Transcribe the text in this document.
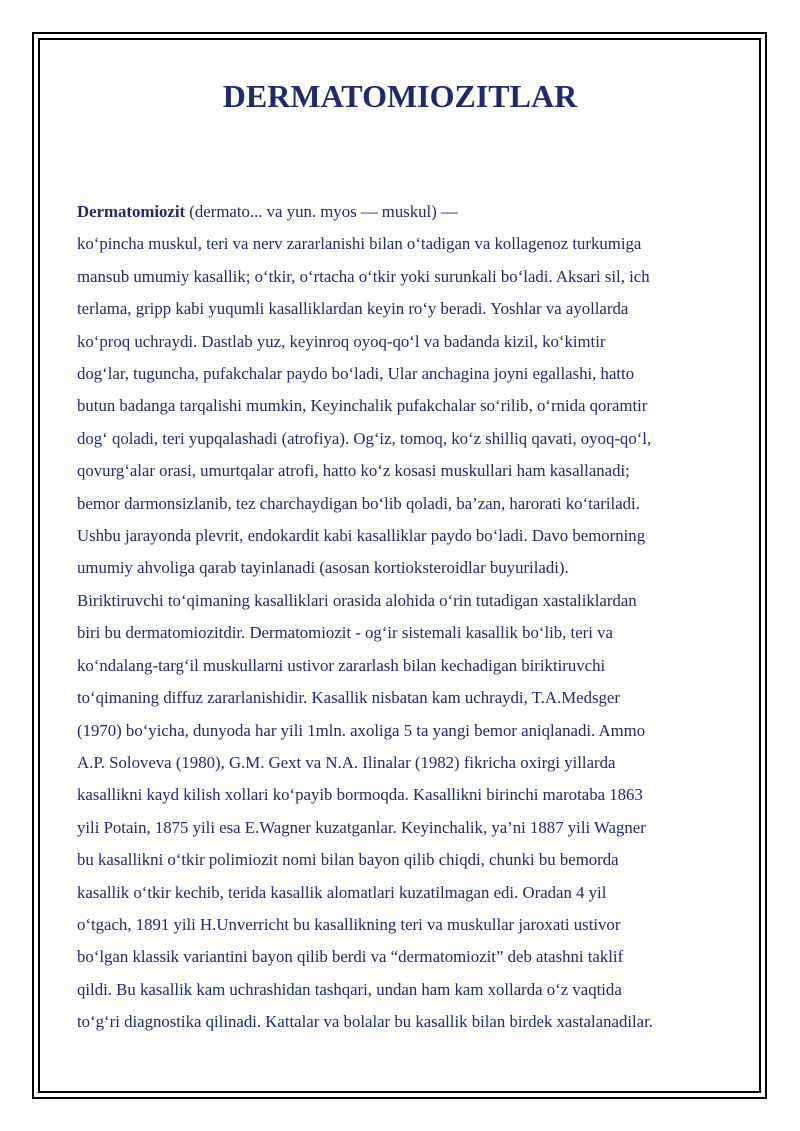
DERMATOMIOZITLAR

Dermatomiozit (dermato... va yun. myos — muskul) —
ko‘pincha muskul, teri va nerv zararlanishi bilan o‘tadigan va kollagenoz turkumiga
mansub umumiy kasallik; o‘tkir, o‘rtacha o‘tkir yoki surunkali bo‘ladi. Aksari sil, ich
terlama, gripp kabi yuqumli kasalliklardan keyin ro‘y beradi. Yoshlar va ayollarda
ko‘proq uchraydi. Dastlab yuz, keyinroq oyoq-qo‘l va badanda kizil, ko‘kimtir
dog‘lar, tuguncha, pufakchalar paydo bo‘ladi, Ular anchagina joyni egallashi, hatto
butun badanga tarqalishi mumkin, Keyinchalik pufakchalar so‘rilib, o‘rnida qoramtir
dog‘ qoladi, teri yupqalashadi (atrofiya). Og‘iz, tomoq, ko‘z shilliq qavati, oyoq-qo‘l,
qovurg‘alar orasi, umurtqalar atrofi, hatto ko‘z kosasi muskullari ham kasallanadi;
bemor darmonsizlanib, tez charchaydigan bo‘lib qoladi, ba’zan, harorati ko‘tariladi.
Ushbu jarayonda plevrit, endokardit kabi kasalliklar paydo bo‘ladi. Davo bemorning
umumiy ahvoliga qarab tayinlanadi (asosan kortioksteroidlar buyuriladi).
Biriktiruvchi to‘qimaning kasalliklari orasida alohida o‘rin tutadigan xastaliklardan
biri bu dermatomiozitdir. Dermatomiozit - og‘ir sistemali kasallik bo‘lib, teri va
ko‘ndalang-targ‘il muskullarni ustivor zararlash bilan kechadigan biriktiruvchi
to‘qimaning diffuz zararlanishidir. Kasallik nisbatan kam uchraydi, T.A.Medsger
(1970) bo‘yicha, dunyoda har yili 1mln. axoliga 5 ta yangi bemor aniqlanadi. Ammo
A.P. Soloveva (1980), G.M. Gext va N.A. Ilinalar (1982) fikricha oxirgi yillarda
kasallikni kayd kilish xollari ko‘payib bormoqda. Kasallikni birinchi marotaba 1863
yili Potain, 1875 yili esa E.Wagner kuzatganlar. Keyinchalik, ya’ni 1887 yili Wagner
bu kasallikni o‘tkir polimiozit nomi bilan bayon qilib chiqdi, chunki bu bemorda
kasallik o‘tkir kechib, terida kasallik alomatlari kuzatilmagan edi. Oradan 4 yil
o‘tgach, 1891 yili H.Unverricht bu kasallikning teri va muskullar jaroxati ustivor
bo‘lgan klassik variantini bayon qilib berdi va “dermatomiozit” deb atashni taklif
qildi. Bu kasallik kam uchrashidan tashqari, undan ham kam xollarda o‘z vaqtida
to‘g‘ri diagnostika qilinadi. Kattalar va bolalar bu kasallik bilan birdek xastalanadilar.
